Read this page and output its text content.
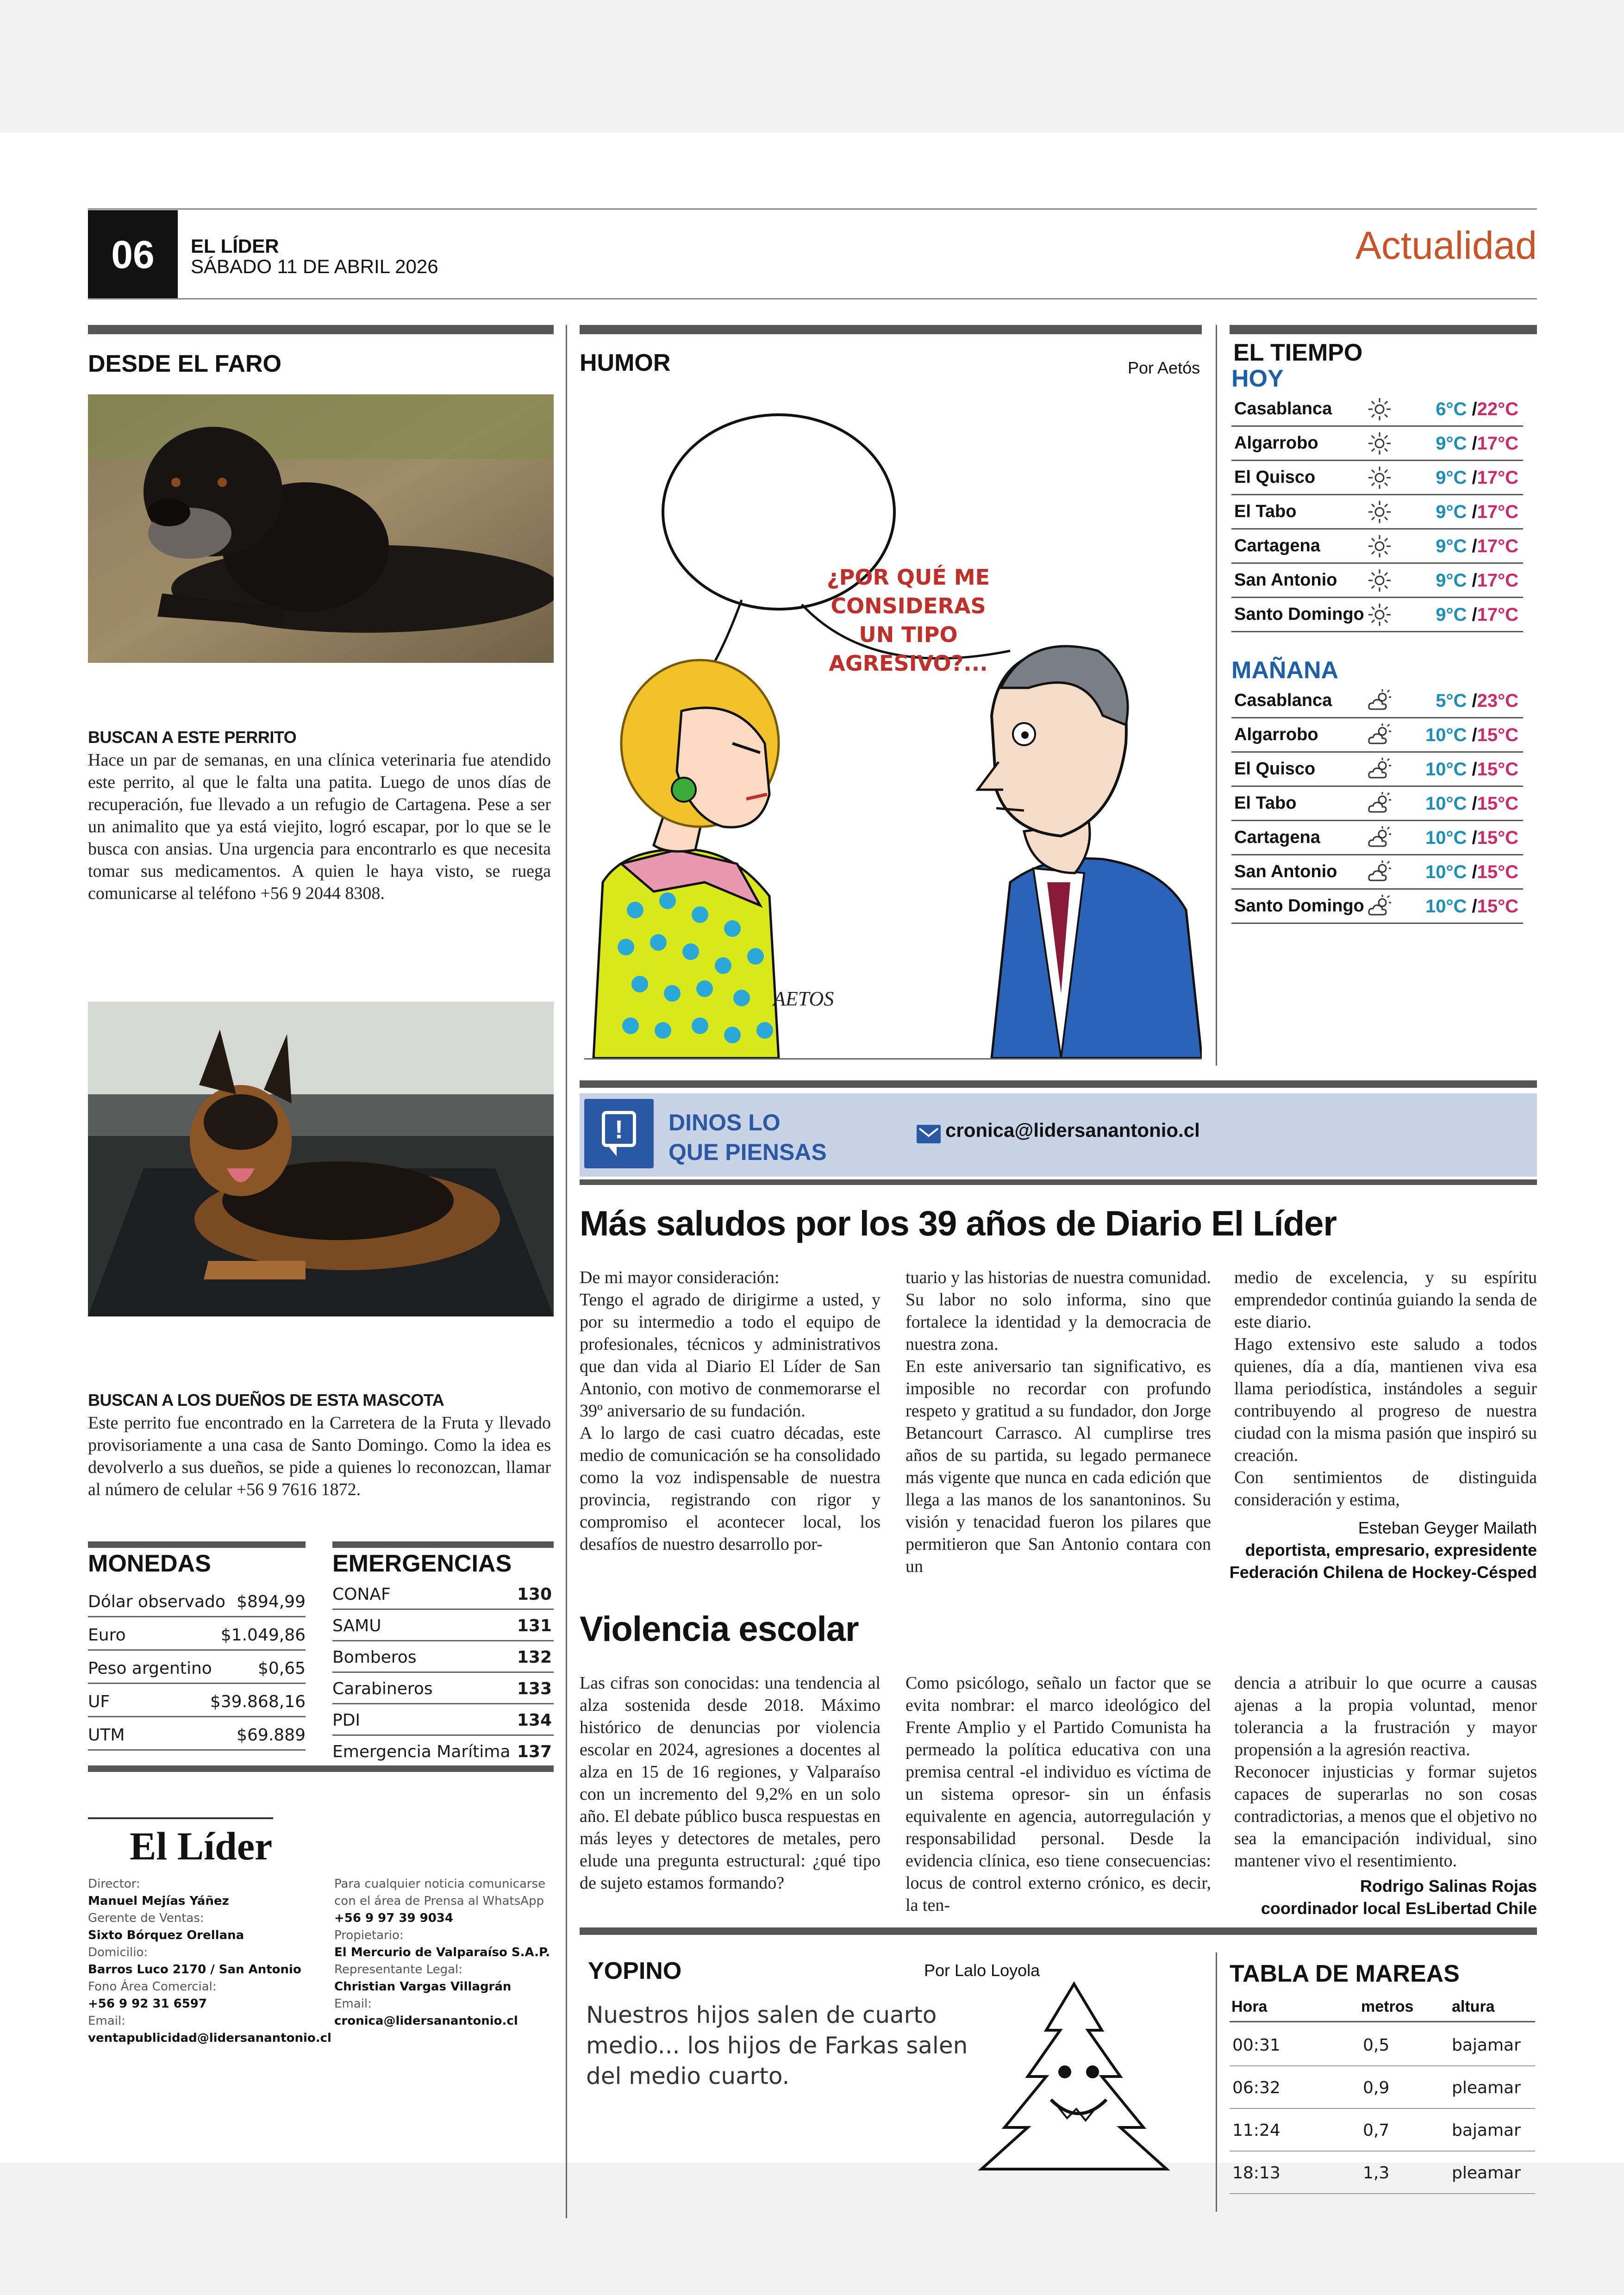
06	EL LÍDER
SÁBADO 11 DE ABRIL 2026	Actualidad
DESDE EL FARO
BUSCAN A ESTE PERRITO
Hace un par de semanas, en una clínica veterinaria fue atendido este perrito, al que le falta una patita. Luego de unos días de recuperación, fue llevado a un refugio de Cartagena. Pese a ser un animalito que ya está viejito, logró escapar, por lo que se le busca con ansias. Una urgencia para encontrarlo es que necesita tomar sus medicamentos. A quien le haya visto, se ruega comunicarse al teléfono +56 9 2044 8308.
BUSCAN A LOS DUEÑOS DE ESTA MASCOTA
Este perrito fue encontrado en la Carretera de la Fruta y llevado provisoriamente a una casa de Santo Domingo. Como la idea es devolverlo a sus dueños, se pide a quienes lo reconozcan, llamar al número de celular +56 9 7616 1872.
MONEDAS
Dólar observado $894,99
Euro	$1.049,86
Peso argentino	$0,65
UF	$39.868,16
UTM	$69.889
EMERGENCIAS
CONAF	130
SAMU	131
Bomberos	132
Carabineros	133
PDI	134
Emergencia Marítima 137
El Líder
Director:
Manuel Mejías Yáñez
Gerente de Ventas:
Sixto Bórquez Orellana
Domicilio:
Barros Luco 2170 / San Antonio
Fono Área Comercial:
+56 9 92 31 6597
Email:
ventapublicidad@lidersanantonio.cl
Para cualquier noticia comunicarse con el área de Prensa al WhatsApp
+56 9 97 39 9034
Propietario:
El Mercurio de Valparaíso S.A.P.
Representante Legal:
Christian Vargas Villagrán
Email:
cronica@lidersanantonio.cl
HUMOR	Por Aetós
¿POR QUÉ ME CONSIDERAS UN TIPO AGRESIVO?...
AETOS
EL TIEMPO
HOY
Casablanca	6°C /22°C
Algarrobo	9°C /17°C
El Quisco	9°C /17°C
El Tabo	9°C /17°C
Cartagena	9°C /17°C
San Antonio	9°C /17°C
Santo Domingo	9°C /17°C
MAÑANA
Casablanca	5°C /23°C
Algarrobo	10°C /15°C
El Quisco	10°C /15°C
El Tabo	10°C /15°C
Cartagena	10°C /15°C
San Antonio	10°C /15°C
Santo Domingo	10°C /15°C
!	DINOS LO
QUE PIENSAS
cronica@lidersanantonio.cl
Más saludos por los 39 años de Diario El Líder
De mi mayor consideración:
Tengo el agrado de dirigirme a usted, y por su intermedio a todo el equipo de profesionales, técnicos y administrativos que dan vida al Diario El Líder de San Antonio, con motivo de conmemorarse el 39º aniversario de su fundación.
A lo largo de casi cuatro décadas, este medio de comunicación se ha consolidado como la voz indispensable de nuestra provincia, registrando con rigor y compromiso el acontecer local, los desafíos de nuestro desarrollo por-
tuario y las historias de nuestra comunidad. Su labor no solo informa, sino que fortalece la identidad y la democracia de nuestra zona.
En este aniversario tan significativo, es imposible no recordar con profundo respeto y gratitud a su fundador, don Jorge Betancourt Carrasco. Al cumplirse tres años de su partida, su legado permanece más vigente que nunca en cada edición que llega a las manos de los sanantoninos. Su visión y tenacidad fueron los pilares que permitieron que San Antonio contara con un
medio de excelencia, y su espíritu emprendedor continúa guiando la senda de este diario.
Hago extensivo este saludo a todos quienes, día a día, mantienen viva esa llama periodística, instándoles a seguir contribuyendo al progreso de nuestra ciudad con la misma pasión que inspiró su creación.
Con sentimientos de distinguida consideración y estima,
Esteban Geyger Mailath
deportista, empresario, expresidente
Federación Chilena de Hockey-Césped
Violencia escolar
Las cifras son conocidas: una tendencia al alza sostenida desde 2018. Máximo histórico de denuncias por violencia escolar en 2024, agresiones a docentes al alza en 15 de 16 regiones, y Valparaíso con un incremento del 9,2% en un solo año. El debate público busca respuestas en más leyes y detectores de metales, pero elude una pregunta estructural: ¿qué tipo de sujeto estamos formando?
Como psicólogo, señalo un factor que se evita nombrar: el marco ideológico del Frente Amplio y el Partido Comunista ha permeado la política educativa con una premisa central -el individuo es víctima de un sistema opresor- sin un énfasis equivalente en agencia, autorregulación y responsabilidad personal. Desde la evidencia clínica, eso tiene consecuencias: locus de control externo crónico, es decir, la ten-
dencia a atribuir lo que ocurre a causas ajenas a la propia voluntad, menor tolerancia a la frustración y mayor propensión a la agresión reactiva.
Reconocer injusticias y formar sujetos capaces de superarlas no son cosas contradictorias, a menos que el objetivo no sea la emancipación individual, sino mantener vivo el resentimiento.
Rodrigo Salinas Rojas
coordinador local EsLibertad Chile
YOPINO	Por Lalo Loyola
Nuestros hijos salen de cuarto medio... los hijos de Farkas salen del medio cuarto.
TABLA DE MAREAS
Hora	metros altura
00:31	0,5	bajamar
06:32	0,9	pleamar
11:24	0,7	bajamar
18:13	1,3	pleamar
